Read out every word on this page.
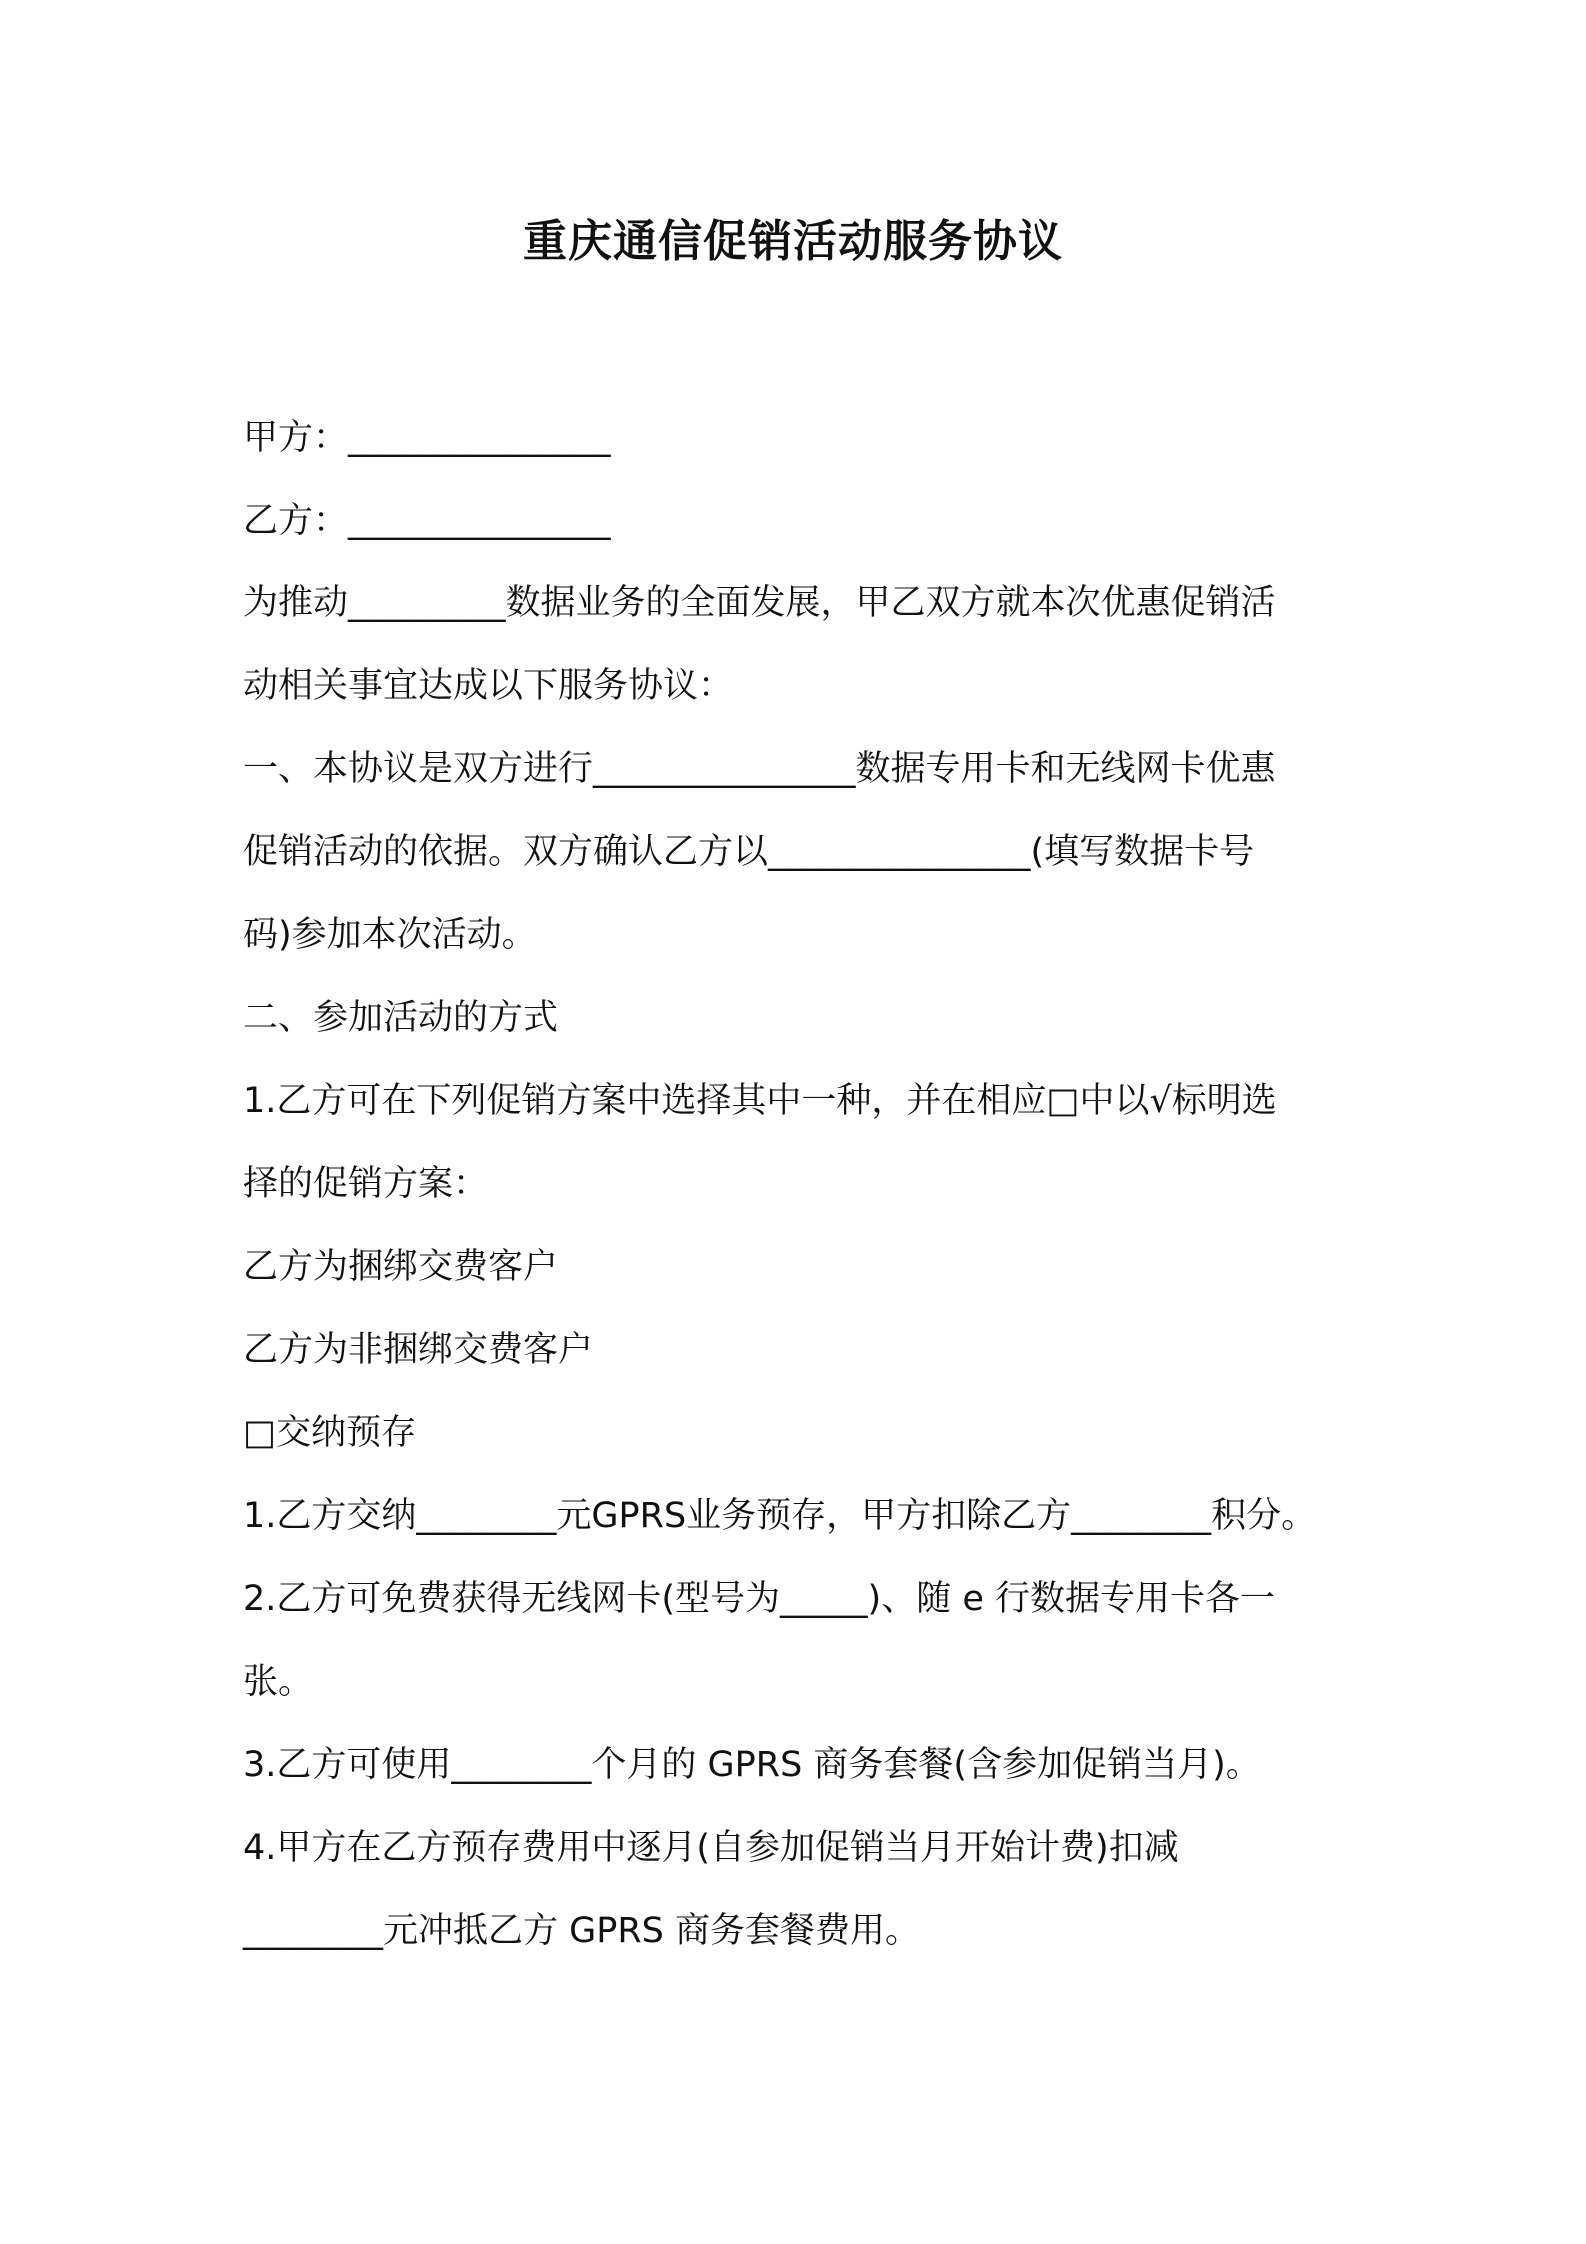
重庆通信促销活动服务协议
甲方：_______________
乙方：_______________
为推动_________数据业务的全面发展，甲乙双方就本次优惠促销活
动相关事宜达成以下服务协议：
一、本协议是双方进行_______________数据专用卡和无线网卡优惠
促销活动的依据。双方确认乙方以_______________(填写数据卡号
码)参加本次活动。
二、参加活动的方式
1.乙方可在下列促销方案中选择其中一种，并在相应□中以√标明选
择的促销方案：
乙方为捆绑交费客户
乙方为非捆绑交费客户
□交纳预存
1.乙方交纳________元GPRS业务预存，甲方扣除乙方________积分。
2.乙方可免费获得无线网卡(型号为_____)、随 e 行数据专用卡各一
张。
3.乙方可使用________个月的 GPRS 商务套餐(含参加促销当月)。
4.甲方在乙方预存费用中逐月(自参加促销当月开始计费)扣减
________元冲抵乙方 GPRS 商务套餐费用。
